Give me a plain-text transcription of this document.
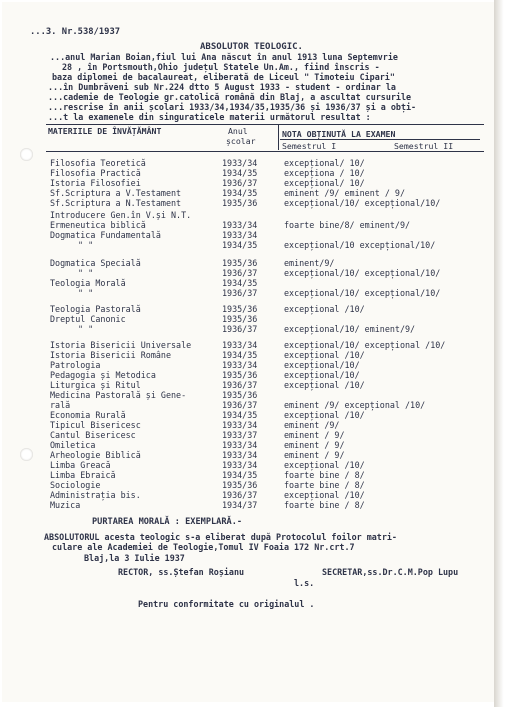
...3. Nr.538/1937
ABSOLUTOR TEOLOGIC.
...anul Marian Boian,fiul lui Ana născut în anul 1913 luna Septemvrie
28 , în Portsmouth,Ohio județul Statele Un.Am., fiind înscris -
baza diplomei de bacalaureat, eliberată de Liceul " Timoteiu Cipari"
...în Dumbrăveni sub Nr.224 dtto 5 August 1933 - student - ordinar la
...cademie de Teologie gr.catolică română din Blaj, a ascultat cursurile
...rescrise în anii școlari 1933/34,1934/35,1935/36 și 1936/37 și a obți-
...t la examenele din singuraticele materii următorul resultat :
MATERIILE DE ÎNVĂȚĂMÂNT	Anul
școlar
NOTA OBȚINUTĂ LA EXAMEN
Semestrul I	Semestrul II
Filosofia Teoretică	1933/34	excepțional/ 10/
Filosofia Practică	1934/35	excepționa / 10/
Istoria Filosofiei	1936/37	excepțional/ 10/
Sf.Scriptura a V.Testament	1934/35	eminent /9/ eminent / 9/
Sf.Scriptura a N.Testament	1935/36	excepțional/10/ excepțional/10/
Introducere Gen.în V.și N.T.
Ermeneutica biblică	1933/34	foarte bine/8/ eminent/9/
Dogmatica Fundamentală	1933/34
" "	1934/35	excepțional/10 excepțional/10/
Dogmatica Specială	1935/36	eminent/9/
" "	1936/37	excepțional/10/ excepțional/10/
Teologia Morală	1934/35
" "	1936/37	excepțional/10/ excepțional/10/
Teologia Pastorală	1935/36	excepțional /10/
Dreptul Canonic	1935/36
" "	1936/37	excepțional/10/ eminent/9/
Istoria Bisericii Universale	1933/34	excepțional/10/ excepțional /10/
Istoria Bisericii Române	1934/35	excepțional /10/
Patrologia	1933/34	excepțional/10/
Pedagogia și Metodica	1935/36	excepțional/10/
Liturgica și Ritul	1936/37	excepțional /10/
Medicina Pastorală și Gene-	1935/36
rală	1936/37	eminent /9/ excepțional /10/
Economia Rurală	1934/35	excepțional /10/
Tipicul Bisericesc	1933/34	eminent /9/
Cantul Bisericesc	1933/37	eminent / 9/
Omiletica	1933/34	eminent / 9/
Arheologie Biblică	1933/34	eminent / 9/
Limba Greacă	1933/34	excepțional /10/
Limba Ebraică	1934/35	foarte bine / 8/
Sociologie	1935/36	foarte bine / 8/
Administrația bis.	1936/37	excepțional /10/
Muzica	1934/37	foarte bine / 8/
PURTAREA MORALĂ : EXEMPLARĂ.-
ABSOLUTORUL acesta teologic s-a eliberat după Protocolul foilor matri-
culare ale Academiei de Teologie,Tomul IV Foaia 172 Nr.crt.7
Blaj,la 3 Iulie 1937
RECTOR, ss.Ștefan Roșianu	SECRETAR,ss.Dr.C.M.Pop Lupu
l.s.
Pentru conformitate cu originalul .
